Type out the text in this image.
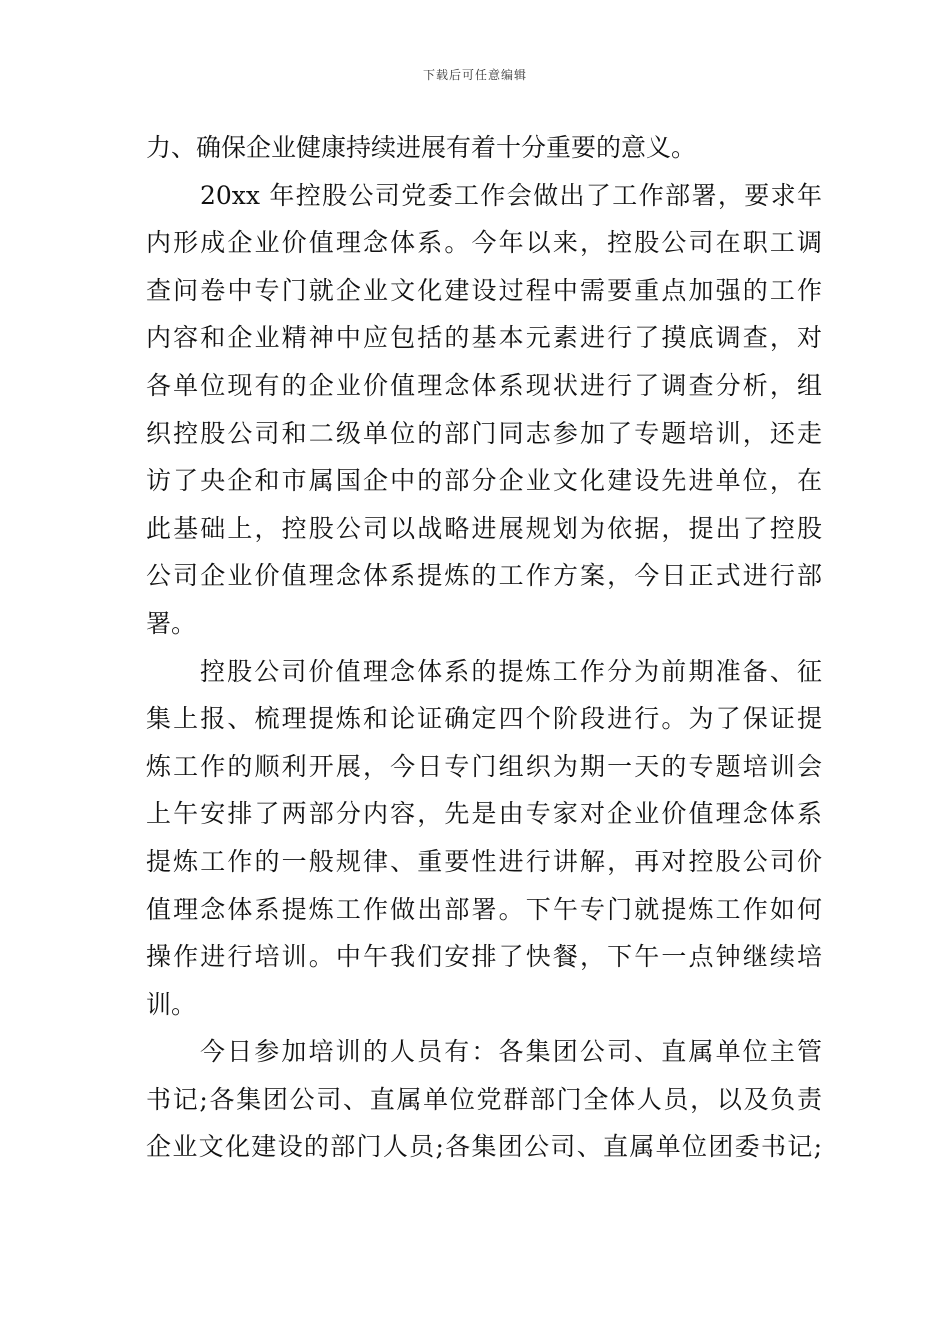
下载后可任意编辑
力、确保企业健康持续进展有着十分重要的意义。
20xx 年控股公司党委工作会做出了工作部署，要求年
内形成企业价值理念体系。今年以来，控股公司在职工调
查问卷中专门就企业文化建设过程中需要重点加强的工作
内容和企业精神中应包括的基本元素进行了摸底调查，对
各单位现有的企业价值理念体系现状进行了调查分析，组
织控股公司和二级单位的部门同志参加了专题培训，还走
访了央企和市属国企中的部分企业文化建设先进单位，在
此基础上，控股公司以战略进展规划为依据，提出了控股
公司企业价值理念体系提炼的工作方案，今日正式进行部
署。
控股公司价值理念体系的提炼工作分为前期准备、征
集上报、梳理提炼和论证确定四个阶段进行。为了保证提
炼工作的顺利开展，今日专门组织为期一天的专题培训会
上午安排了两部分内容，先是由专家对企业价值理念体系
提炼工作的一般规律、重要性进行讲解，再对控股公司价
值理念体系提炼工作做出部署。下午专门就提炼工作如何
操作进行培训。中午我们安排了快餐，下午一点钟继续培
训。
今日参加培训的人员有：各集团公司、直属单位主管
书记;各集团公司、直属单位党群部门全体人员，以及负责
企业文化建设的部门人员;各集团公司、直属单位团委书记;
